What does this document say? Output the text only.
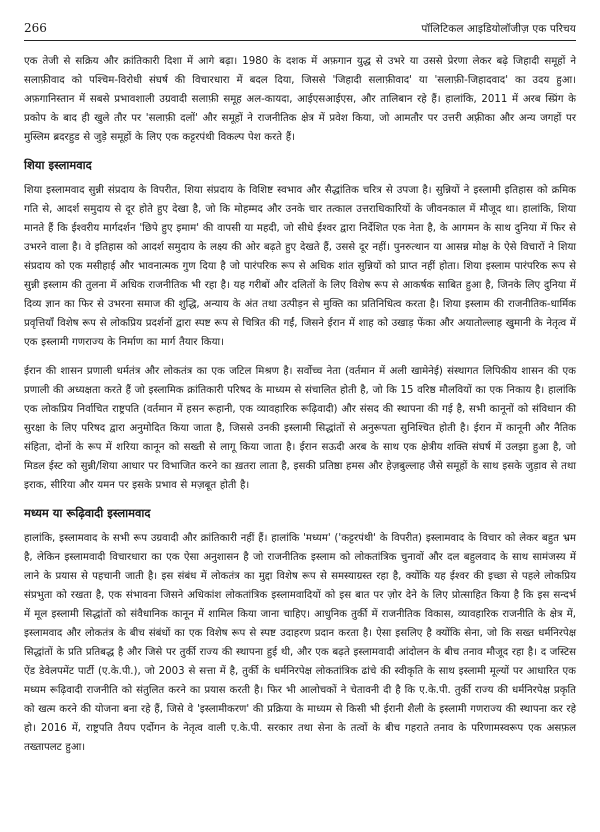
266	पॉलिटिकल आइडियोलॉजीज़ एक परिचय

एक तेजी से सक्रिय और क्रांतिकारी दिशा में आगे बढ़ा। 1980 के दशक में अफ़गान युद्ध से उभरे या उससे प्रेरणा लेकर बढ़े जिहादी समूहों ने सलाफ़ीवाद को पश्चिम-विरोधी संघर्ष की विचारधारा में बदल दिया, जिससे 'जिहादी सलाफ़ीवाद' या 'सलाफ़ी-जिहादवाद' का उदय हुआ। अफ़गानिस्तान में सबसे प्रभावशाली उग्रवादी सलाफ़ी समूह अल-कायदा, आईएसआईएस, और तालिबान रहे हैं। हालांकि, 2011 में अरब स्प्रिंग के प्रकोप के बाद ही खुले तौर पर 'सलाफ़ी दलों' और समूहों ने राजनीतिक क्षेत्र में प्रवेश किया, जो आमतौर पर उत्तरी अफ़्रीका और अन्य जगहों पर मुस्लिम ब्रदरहुड से जुड़े समूहों के लिए एक कट्टरपंथी विकल्प पेश करते हैं।

शिया इस्लामवाद

शिया इस्लामवाद सुन्नी संप्रदाय के विपरीत, शिया संप्रदाय के विशिष्ट स्वभाव और सैद्धांतिक चरित्र से उपजा है। सुन्नियों ने इस्लामी इतिहास को क्रमिक गति से, आदर्श समुदाय से दूर होते हुए देखा है, जो कि मोहम्मद और उनके चार तत्काल उत्तराधिकारियों के जीवनकाल में मौजूद था। हालांकि, शिया मानते हैं कि ईश्वरीय मार्गदर्शन 'छिपे हुए इमाम' की वापसी या महदी, जो सीधे ईश्वर द्वारा निर्देशित एक नेता है, के आगमन के साथ दुनिया में फिर से उभरने वाला है। वे इतिहास को आदर्श समुदाय के लक्ष्य की ओर बढ़ते हुए देखते हैं, उससे दूर नहीं। पुनरुत्थान या आसन्न मोक्ष के ऐसे विचारों ने शिया संप्रदाय को एक मसीहाई और भावनात्मक गुण दिया है जो पारंपरिक रूप से अधिक शांत सुन्नियों को प्राप्त नहीं होता। शिया इस्लाम पारंपरिक रूप से सुन्नी इस्लाम की तुलना में अधिक राजनीतिक भी रहा है। यह गरीबों और दलितों के लिए विशेष रूप से आकर्षक साबित हुआ है, जिनके लिए दुनिया में दिव्य ज्ञान का फिर से उभरना समाज की शुद्धि, अन्याय के अंत तथा उत्पीड़न से मुक्ति का प्रतिनिधित्व करता है। शिया इस्लाम की राजनीतिक-धार्मिक प्रवृत्तियाँ विशेष रूप से लोकप्रिय प्रदर्शनों द्वारा स्पष्ट रूप से चित्रित की गईं, जिसने ईरान में शाह को उखाड़ फेंका और अयातोल्लाह खुमानी के नेतृत्व में एक इस्लामी गणराज्य के निर्माण का मार्ग तैयार किया।

ईरान की शासन प्रणाली धर्मतंत्र और लोकतंत्र का एक जटिल मिश्रण है। सर्वोच्च नेता (वर्तमान में अली खामेनेई) संस्थागत लिपिकीय शासन की एक प्रणाली की अध्यक्षता करते हैं जो इस्लामिक क्रांतिकारी परिषद के माध्यम से संचालित होती है, जो कि 15 वरिष्ठ मौलवियों का एक निकाय है। हालांकि एक लोकप्रिय निर्वाचित राष्ट्रपति (वर्तमान में हसन रूहानी, एक व्यावहारिक रूढ़िवादी) और संसद की स्थापना की गई है, सभी कानूनों को संविधान की सुरक्षा के लिए परिषद द्वारा अनुमोदित किया जाता है, जिससे उनकी इस्लामी सिद्धांतों से अनुरूपता सुनिश्चित होती है। ईरान में कानूनी और नैतिक संहिता, दोनों के रूप में शरिया कानून को सख्ती से लागू किया जाता है। ईरान सऊदी अरब के साथ एक क्षेत्रीय शक्ति संघर्ष में उलझा हुआ है, जो मिडल ईस्ट को सुन्नी/शिया आधार पर विभाजित करने का ख़तरा लाता है, इसकी प्रतिष्ठा हमस और हेज़बुल्लाह जैसे समूहों के साथ इसके जुड़ाव से तथा इराक, सीरिया और यमन पर इसके प्रभाव से मज़बूत होती है।

मध्यम या रूढ़िवादी इस्लामवाद

हालांकि, इस्लामवाद के सभी रूप उग्रवादी और क्रांतिकारी नहीं हैं। हालांकि 'मध्यम' ('कट्टरपंथी' के विपरीत) इस्लामवाद के विचार को लेकर बहुत भ्रम है, लेकिन इस्लामवादी विचारधारा का एक ऐसा अनुशासन है जो राजनीतिक इस्लाम को लोकतांत्रिक चुनावों और दल बहुलवाद के साथ सामंजस्य में लाने के प्रयास से पहचानी जाती है। इस संबंध में लोकतंत्र का मुद्दा विशेष रूप से समस्याग्रस्त रहा है, क्योंकि यह ईश्वर की इच्छा से पहले लोकप्रिय संप्रभुता को रखता है, एक संभावना जिसने अधिकांश लोकतांत्रिक इस्लामवादियों को इस बात पर ज़ोर देने के लिए प्रोत्साहित किया है कि इस सन्दर्भ में मूल इस्लामी सिद्धांतों को संवैधानिक कानून में शामिल किया जाना चाहिए। आधुनिक तुर्की में राजनीतिक विकास, व्यावहारिक राजनीति के क्षेत्र में, इस्लामवाद और लोकतंत्र के बीच संबंधों का एक विशेष रूप से स्पष्ट उदाहरण प्रदान करता है। ऐसा इसलिए है क्योंकि सेना, जो कि सख्त धर्मनिरपेक्ष सिद्धांतों के प्रति प्रतिबद्ध है और जिसे पर तुर्की राज्य की स्थापना हुई थी, और एक बढ़ते इस्लामवादी आंदोलन के बीच तनाव मौजूद रहा है। द जस्टिस ऐंड डेवेलपमेंट पार्टी (ए.के.पी.), जो 2003 से सत्ता में है, तुर्की के धर्मनिरपेक्ष लोकतांत्रिक ढांचे की स्वीकृति के साथ इस्लामी मूल्यों पर आधारित एक मध्यम रूढ़िवादी राजनीति को संतुलित करने का प्रयास करती है। फिर भी आलोचकों ने चेतावनी दी है कि ए.के.पी. तुर्की राज्य की धर्मनिरपेक्ष प्रकृति को खत्म करने की योजना बना रहे हैं, जिसे वे 'इस्लामीकरण' की प्रक्रिया के माध्यम से किसी भी ईरानी शैली के इस्लामी गणराज्य की स्थापना कर रहे हो। 2016 में, राष्ट्रपति तैयप एर्दोगन के नेतृत्व वाली ए.के.पी. सरकार तथा सेना के तत्वों के बीच गहराते तनाव के परिणामस्वरूप एक असफ़ल तख्तापलट हुआ।
